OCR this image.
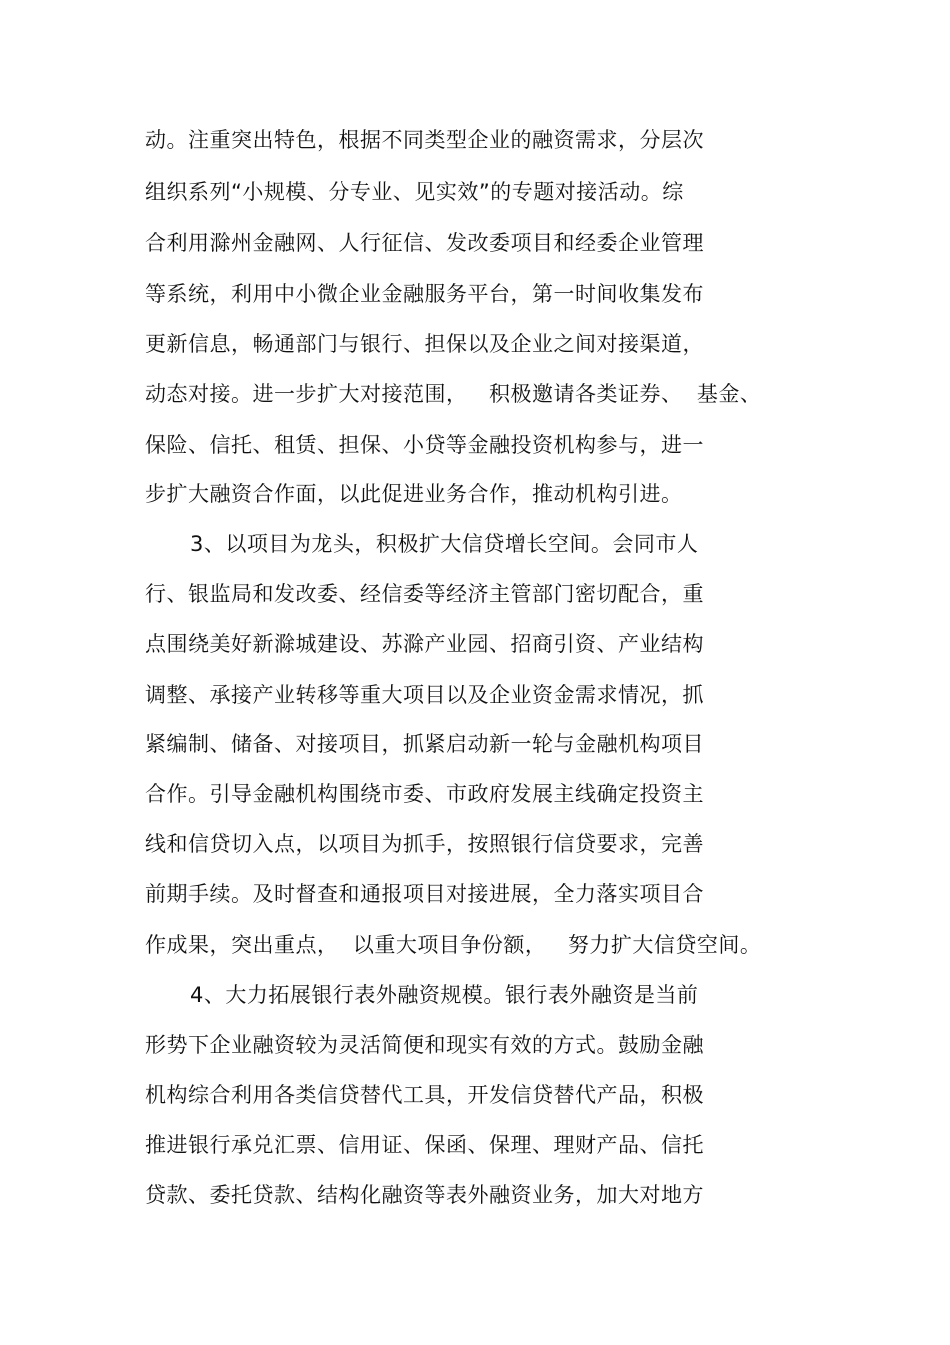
动。注重突出特色，根据不同类型企业的融资需求，分层次
组织系列“小规模、分专业、见实效”的专题对接活动。综
合利用滁州金融网、人行征信、发改委项目和经委企业管理
等系统，利用中小微企业金融服务平台，第一时间收集发布
更新信息，畅通部门与银行、担保以及企业之间对接渠道，
动态对接。进一步扩大对接范围，   积极邀请各类证券、  基金、
保险、信托、租赁、担保、小贷等金融投资机构参与，进一
步扩大融资合作面，以此促进业务合作，推动机构引进。
3、以项目为龙头，积极扩大信贷增长空间。会同市人
行、银监局和发改委、经信委等经济主管部门密切配合，重
点围绕美好新滁城建设、苏滁产业园、招商引资、产业结构
调整、承接产业转移等重大项目以及企业资金需求情况，抓
紧编制、储备、对接项目，抓紧启动新一轮与金融机构项目
合作。引导金融机构围绕市委、市政府发展主线确定投资主
线和信贷切入点，以项目为抓手，按照银行信贷要求，完善
前期手续。及时督查和通报项目对接进展，全力落实项目合
作成果，突出重点，  以重大项目争份额，   努力扩大信贷空间。
4、大力拓展银行表外融资规模。银行表外融资是当前
形势下企业融资较为灵活简便和现实有效的方式。鼓励金融
机构综合利用各类信贷替代工具，开发信贷替代产品，积极
推进银行承兑汇票、信用证、保函、保理、理财产品、信托
贷款、委托贷款、结构化融资等表外融资业务，加大对地方
